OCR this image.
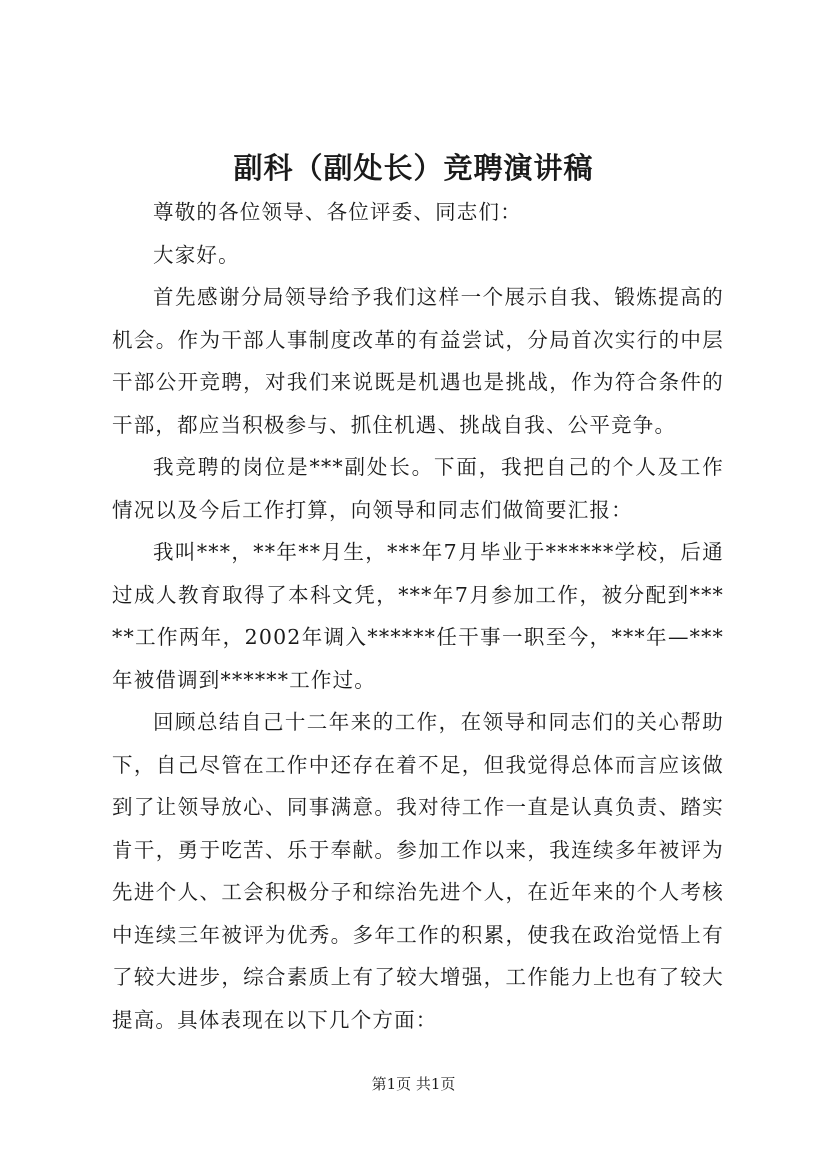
副科（副处长）竞聘演讲稿

尊敬的各位领导、各位评委、同志们：

大家好。

首先感谢分局领导给予我们这样一个展示自我、锻炼提高的机会。作为干部人事制度改革的有益尝试，分局首次实行的中层干部公开竞聘，对我们来说既是机遇也是挑战，作为符合条件的干部，都应当积极参与、抓住机遇、挑战自我、公平竞争。

我竞聘的岗位是***副处长。下面，我把自己的个人及工作情况以及今后工作打算，向领导和同志们做简要汇报：

我叫***，**年**月生，***年7月毕业于******学校，后通过成人教育取得了本科文凭，***年7月参加工作，被分配到*****工作两年，2002年调入******任干事一职至今，***年—***年被借调到******工作过。

回顾总结自己十二年来的工作，在领导和同志们的关心帮助下，自己尽管在工作中还存在着不足，但我觉得总体而言应该做到了让领导放心、同事满意。我对待工作一直是认真负责、踏实肯干，勇于吃苦、乐于奉献。参加工作以来，我连续多年被评为先进个人、工会积极分子和综治先进个人，在近年来的个人考核中连续三年被评为优秀。多年工作的积累，使我在政治觉悟上有了较大进步，综合素质上有了较大增强，工作能力上也有了较大提高。具体表现在以下几个方面：

第1页 共1页
